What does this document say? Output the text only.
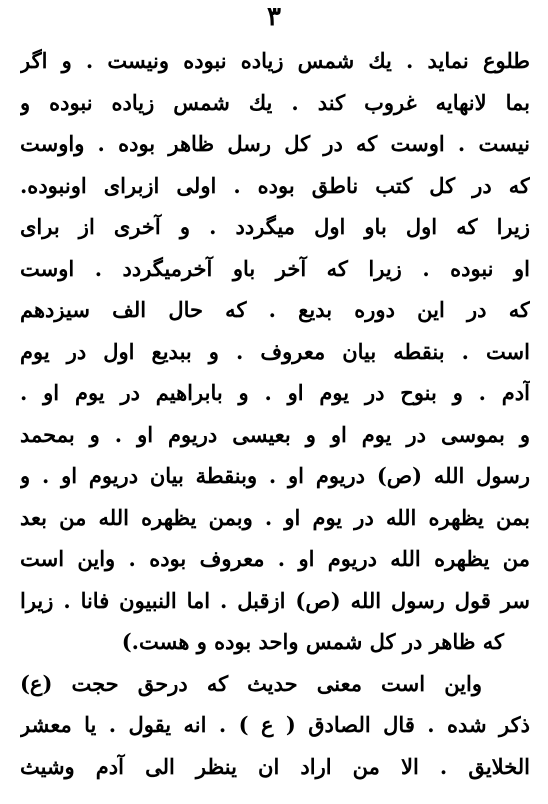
۳
طلوع نماید . یك شمس زیاده نبوده ونیست . و اگر
بما لانهایه غروب كند . یك شمس زیاده نبوده و
نیست . اوست كه در كل رسل ظاهر بوده . واوست
كه در كل كتب ناطق بوده . اولی ازبرای اونبوده.
زیرا كه اول باو اول میگردد . و آخری از برای
او نبوده . زیرا كه آخر باو آخرمیگردد . اوست
كه در این دوره بدیع . كه حال الف سیزدهم
است . بنقطه بیان معروف . و ببدیع اول در یوم
آدم . و بنوح در یوم او . و بابراهیم در یوم او .
و بموسی در یوم او و بعیسی دریوم او . و بمحمد
رسول الله (ص) دریوم او . وبنقطة بیان دریوم او . و
بمن یظهره الله در یوم او . وبمن یظهره الله من بعد
من یظهره الله دریوم او . معروف بوده . واین است
سر قول رسول الله (ص) ازقبل . اما النبیون فانا . زیرا
كه ظاهر در كل شمس واحد بوده و هست.)
واین است معنی حدیث كه درحق حجت (ع)
ذكر شده . قال الصادق ( ع ) . انه یقول . یا معشر
الخلایق . الا من اراد ان ینظر الی آدم وشیث
